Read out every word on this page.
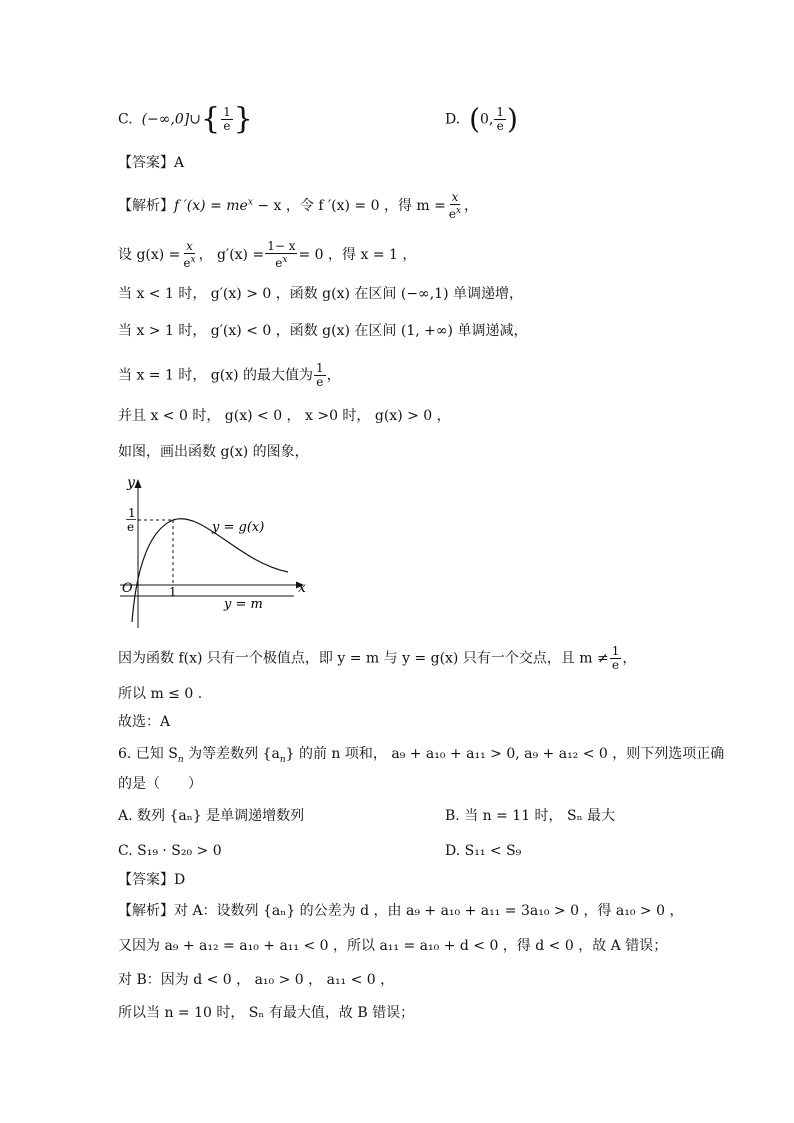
C. (−∞,0]∪{ $\frac{1}{e}$ }	D. (0, $\frac{1}{e}$ )
【答案】A
【解析】f $'(x) = me^x - x$ ，令 f ′(x) = 0 ，得 $m = \frac{x}{e^x}$ ，
设 $g(x) = \frac{x}{e^x}$ ， $g'(x) = \frac{1- x}{e^x} = 0$ ，得 x = 1 ，
当 x < 1 时， g′(x) > 0 ，函数 g(x) 在区间 (−∞,1) 单调递增，
当 x > 1 时， g′(x) < 0 ，函数 g(x) 在区间 (1, +∞) 单调递减，
当 x = 1 时， g(x) 的最大值为 $\frac{1}{e}$ ，
并且 x < 0 时， g(x) < 0 ， x >0 时， g(x) > 0 ，
如图，画出函数 g(x) 的图象，
y
x
O	1
1
e	y = g(x)
y = m
因为函数 f(x) 只有一个极值点，即 y = m 与 y = g(x) 只有一个交点，且 $m \ne \frac{1}{e}$ ，
所以 m ≤ 0 .
故选：A
6. 已知 $S_n$ 为等差数列 $\{a_n\}$ 的前 n 项和， a₉ + a₁₀ + a₁₁ > 0, a₉ + a₁₂ < 0 ，则下列选项正确
的是（　　）
A. 数列 {aₙ} 是单调递增数列	B. 当 n = 11 时， Sₙ 最大
C. S₁₉ · S₂₀ > 0	D. S₁₁ < S₉
【答案】D
【解析】对 A：设数列 {aₙ} 的公差为 d ，由 a₉ + a₁₀ + a₁₁ = 3a₁₀ > 0 ，得 a₁₀ > 0 ，
又因为 a₉ + a₁₂ = a₁₀ + a₁₁ < 0 ，所以 a₁₁ = a₁₀ + d < 0 ，得 d < 0 ，故 A 错误；
对 B：因为 d < 0 ， a₁₀ > 0 ， a₁₁ < 0 ，
所以当 n = 10 时， Sₙ 有最大值，故 B 错误；
